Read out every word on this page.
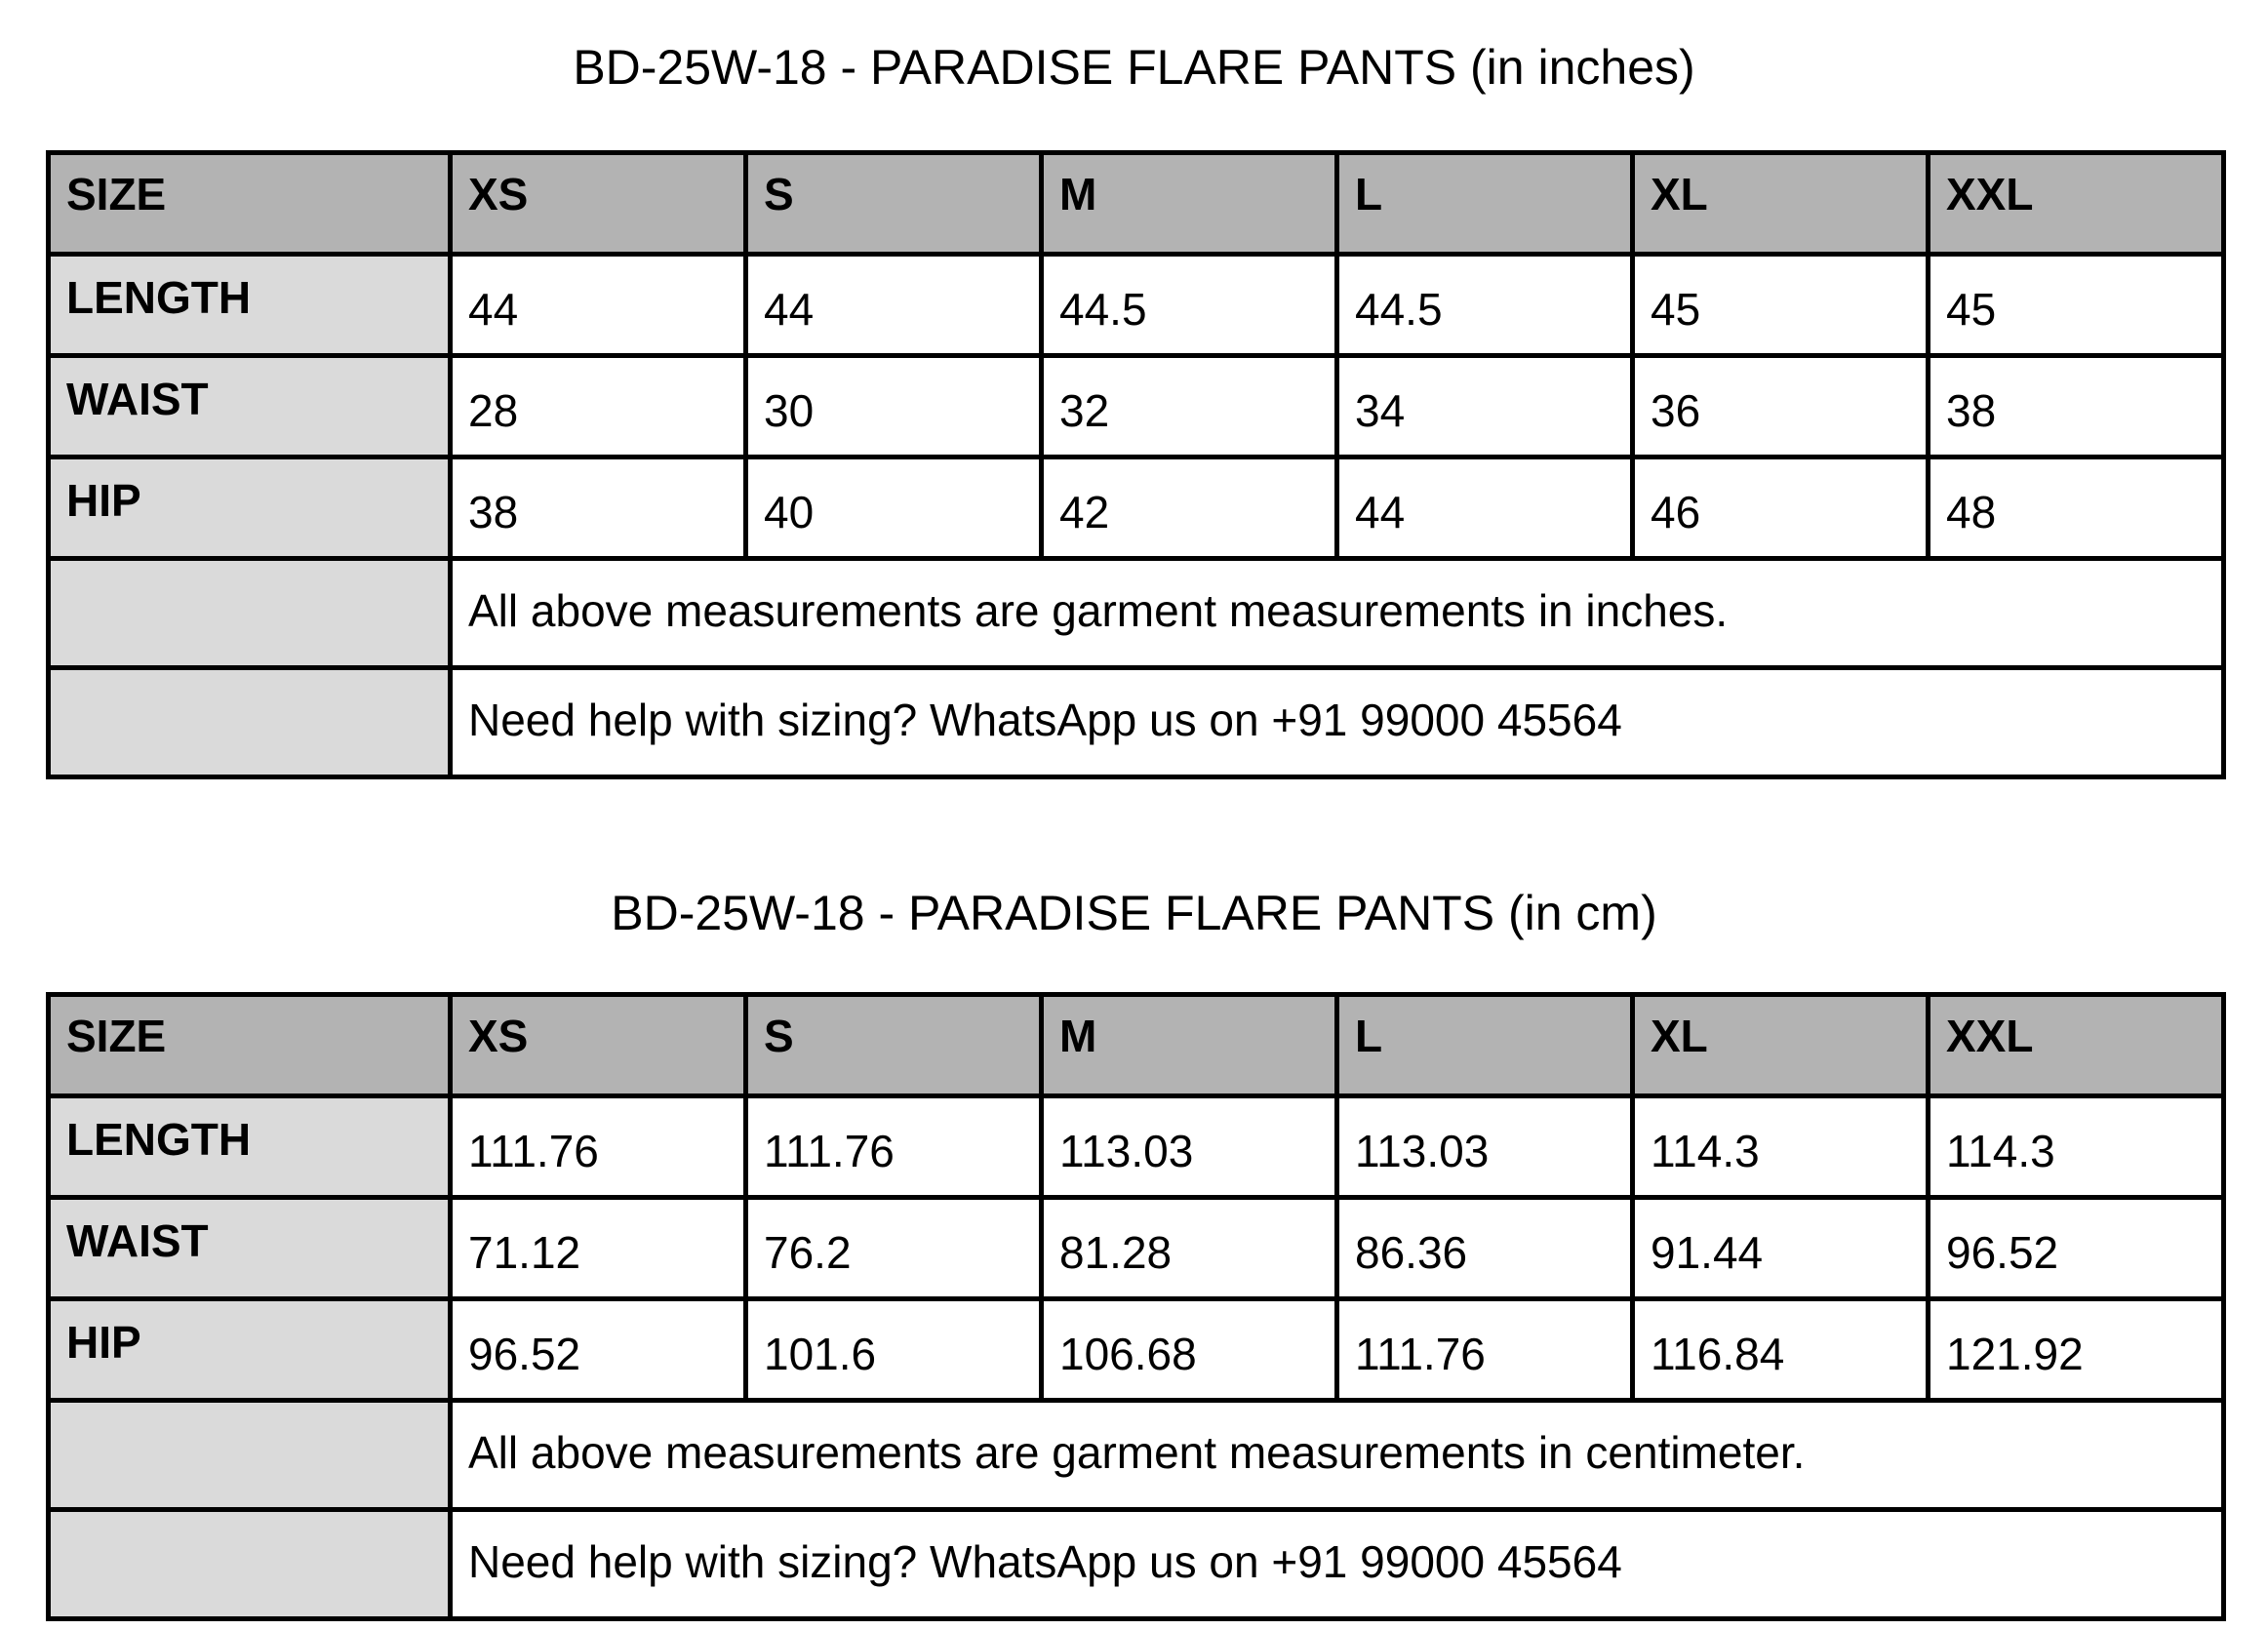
BD-25W-18 - PARADISE FLARE PANTS (in inches)
SIZE	XS	S	M	L	XL	XXL
LENGTH	44	44	44.5	44.5	45	45
WAIST	28	30	32	34	36	38
HIP	38	40	42	44	46	48
	All above measurements are garment measurements in inches.					
	Need help with sizing? WhatsApp us on +91 99000 45564					
BD-25W-18 - PARADISE FLARE PANTS (in cm)
SIZE	XS	S	M	L	XL	XXL
LENGTH	111.76	111.76	113.03	113.03	114.3	114.3
WAIST	71.12	76.2	81.28	86.36	91.44	96.52
HIP	96.52	101.6	106.68	111.76	116.84	121.92
	All above measurements are garment measurements in centimeter.					
	Need help with sizing? WhatsApp us on +91 99000 45564					
